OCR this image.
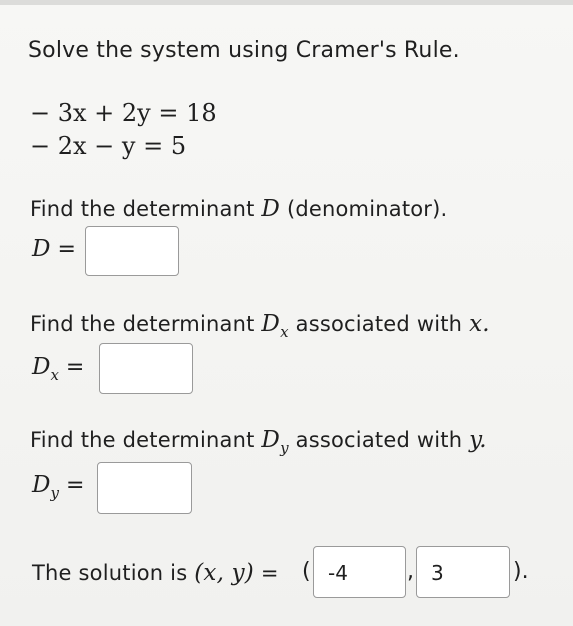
Solve the system using Cramer's Rule.
− 3x + 2y = 18
− 2x − y = 5
Find the determinant D (denominator).
D =
Find the determinant $D_x$ associated with x.
$D_x$ =
Find the determinant $D_y$ associated with y.
$D_y$ =
The solution is (x, y) = ( -4	, 3	).
